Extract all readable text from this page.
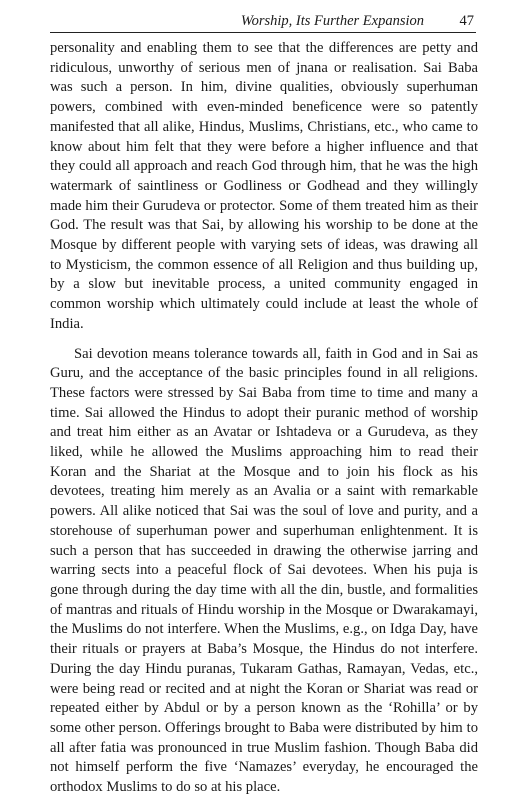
Worship, Its Further Expansion 47

personality and enabling them to see that the differences are petty and ridiculous, unworthy of serious men of jnana or realisation. Sai Baba was such a person. In him, divine qualities, obviously superhuman powers, combined with even-minded beneficence were so patently manifested that all alike, Hindus, Muslims, Christians, etc., who came to know about him felt that they were before a higher influence and that they could all approach and reach God through him, that he was the high watermark of saintliness or Godliness or Godhead and they willingly made him their Gurudeva or protector. Some of them treated him as their God. The result was that Sai, by allowing his worship to be done at the Mosque by different people with varying sets of ideas, was drawing all to Mysticism, the common essence of all Religion and thus building up, by a slow but inevitable process, a united community engaged in common worship which ultimately could include at least the whole of India.

Sai devotion means tolerance towards all, faith in God and in Sai as Guru, and the acceptance of the basic principles found in all religions. These factors were stressed by Sai Baba from time to time and many a time. Sai allowed the Hindus to adopt their puranic method of worship and treat him either as an Avatar or Ishtadeva or a Gurudeva, as they liked, while he allowed the Muslims approaching him to read their Koran and the Shariat at the Mosque and to join his flock as his devotees, treating him merely as an Avalia or a saint with remarkable powers. All alike noticed that Sai was the soul of love and purity, and a storehouse of superhuman power and superhuman enlightenment. It is such a person that has succeeded in drawing the otherwise jarring and warring sects into a peaceful flock of Sai devotees. When his puja is gone through during the day time with all the din, bustle, and formalities of mantras and rituals of Hindu worship in the Mosque or Dwarakamayi, the Muslims do not interfere. When the Muslims, e.g., on Idga Day, have their rituals or prayers at Baba’s Mosque, the Hindus do not interfere. During the day Hindu puranas, Tukaram Gathas, Ramayan, Vedas, etc., were being read or recited and at night the Koran or Shariat was read or repeated either by Abdul or by a person known as the ‘Rohilla’ or by some other person. Offerings brought to Baba were distributed by him to all after fatia was pronounced in true Muslim fashion. Though Baba did not himself perform the five ‘Namazes’ everyday, he encouraged the orthodox Muslims to do so at his place.
